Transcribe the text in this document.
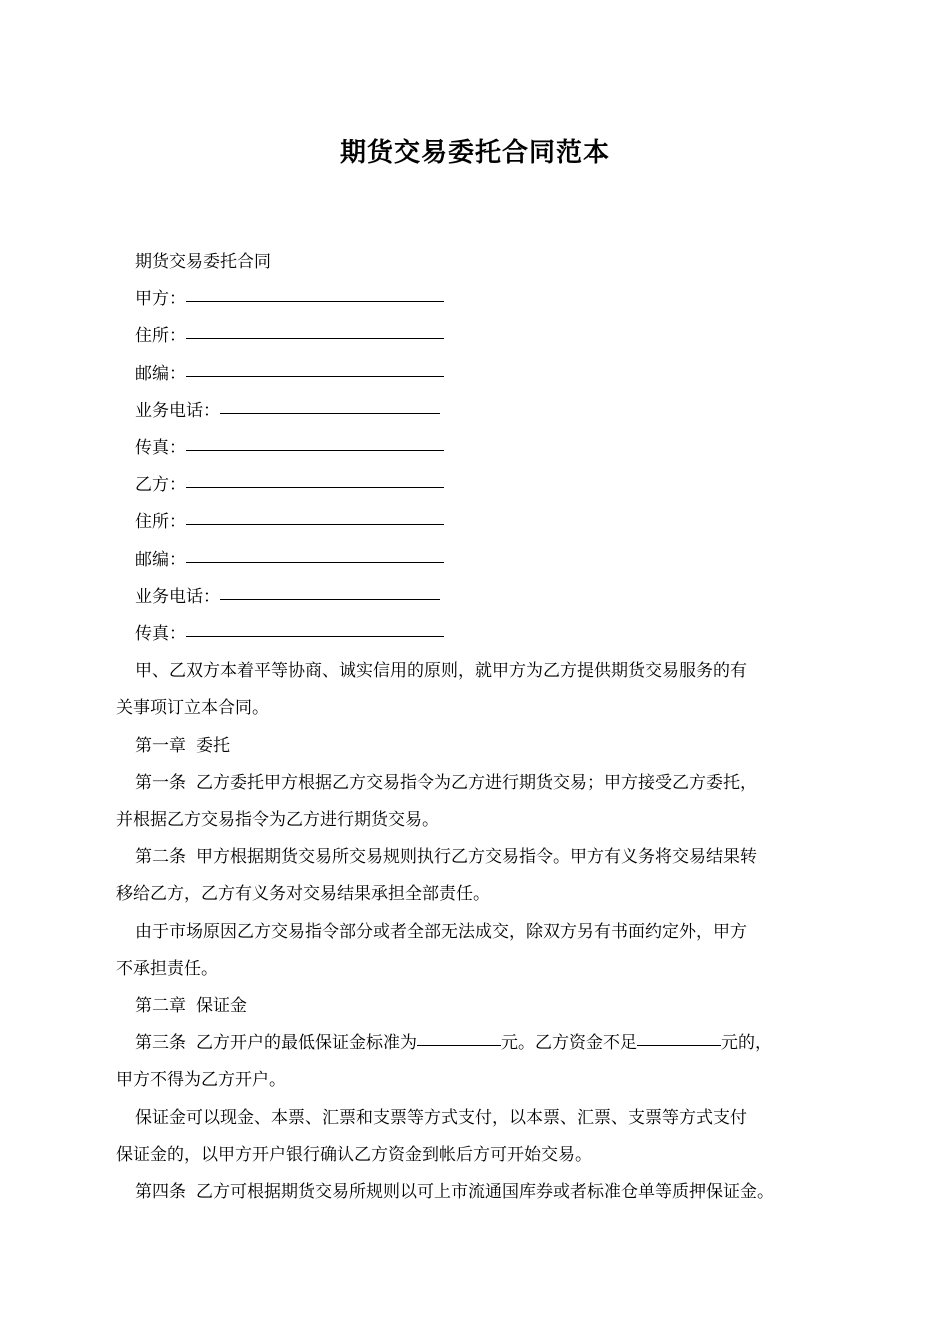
期货交易委托合同范本
期货交易委托合同
甲方：
住所：
邮编：
业务电话：
传真：
乙方：
住所：
邮编：
业务电话：
传真：
甲、乙双方本着平等协商、诚实信用的原则，就甲方为乙方提供期货交易服务的有
关事项订立本合同。
第一章 委托
第一条 乙方委托甲方根据乙方交易指令为乙方进行期货交易；甲方接受乙方委托，
并根据乙方交易指令为乙方进行期货交易。
第二条 甲方根据期货交易所交易规则执行乙方交易指令。甲方有义务将交易结果转
移给乙方，乙方有义务对交易结果承担全部责任。
由于市场原因乙方交易指令部分或者全部无法成交，除双方另有书面约定外，甲方
不承担责任。
第二章 保证金
第三条 乙方开户的最低保证金标准为	元。乙方资金不足	元的，
甲方不得为乙方开户。
保证金可以现金、本票、汇票和支票等方式支付，以本票、汇票、支票等方式支付
保证金的，以甲方开户银行确认乙方资金到帐后方可开始交易。
第四条 乙方可根据期货交易所规则以可上市流通国库券或者标准仓单等质押保证金。
